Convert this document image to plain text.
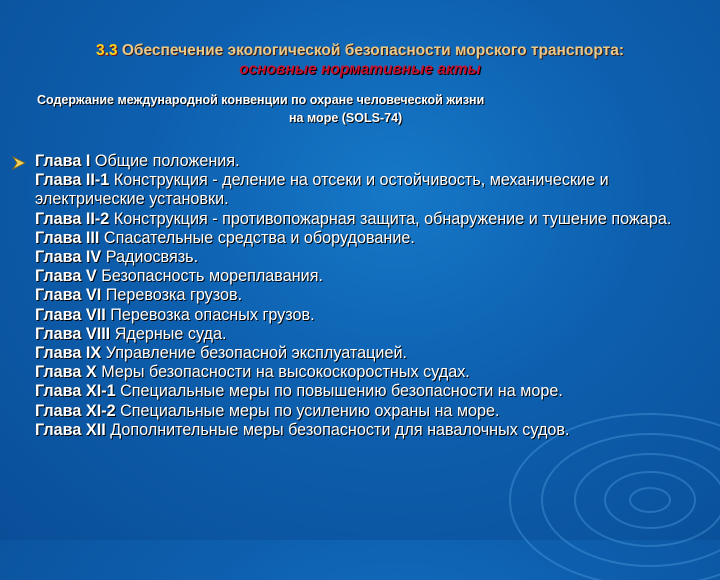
3.3 Обеспечение экологической безопасности морского транспорта:
основные нормативные акты
Содержание международной конвенции по охране человеческой жизни
на море (SOLS-74)
Глава I Общие положения.
Глава II-1 Конструкция - деление на отсеки и остойчивость, механические и электрические установки.
Глава II-2 Конструкция - противопожарная защита, обнаружение и тушение пожара.
Глава III Спасательные средства и оборудование.
Глава IV Радиосвязь.
Глава V Безопасность мореплавания.
Глава VI Перевозка грузов.
Глава VII Перевозка опасных грузов.
Глава VIII Ядерные суда.
Глава IX Управление безопасной эксплуатацией.
Глава X Меры безопасности на высокоскоростных судах.
Глава XI-1 Специальные меры по повышению безопасности на море.
Глава XI-2 Специальные меры по усилению охраны на море.
Глава XII Дополнительные меры безопасности для навалочных судов.
